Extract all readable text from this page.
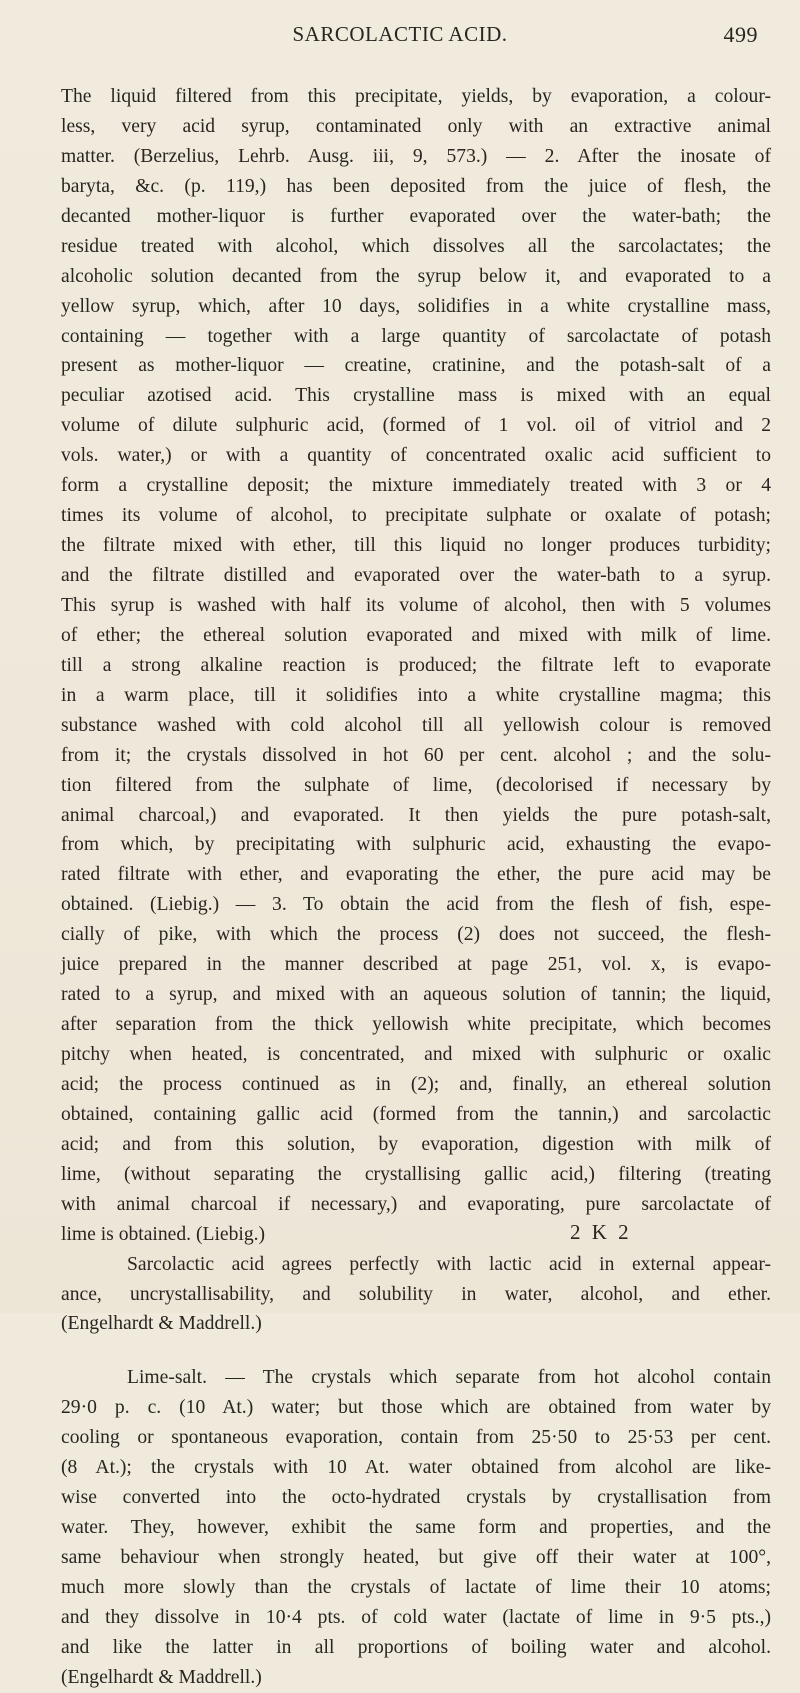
SARCOLACTIC ACID.	499
The liquid filtered from this precipitate, yields, by evaporation, a colour-
less, very acid syrup, contaminated only with an extractive animal
matter. (Berzelius, Lehrb. Ausg. iii, 9, 573.) — 2. After the inosate of
baryta, &c. (p. 119,) has been deposited from the juice of flesh, the
decanted mother-liquor is further evaporated over the water-bath; the
residue treated with alcohol, which dissolves all the sarcolactates; the
alcoholic solution decanted from the syrup below it, and evaporated to a
yellow syrup, which, after 10 days, solidifies in a white crystalline mass,
containing — together with a large quantity of sarcolactate of potash
present as mother-liquor — creatine, cratinine, and the potash-salt of a
peculiar azotised acid. This crystalline mass is mixed with an equal
volume of dilute sulphuric acid, (formed of 1 vol. oil of vitriol and 2
vols. water,) or with a quantity of concentrated oxalic acid sufficient to
form a crystalline deposit; the mixture immediately treated with 3 or 4
times its volume of alcohol, to precipitate sulphate or oxalate of potash;
the filtrate mixed with ether, till this liquid no longer produces turbidity;
and the filtrate distilled and evaporated over the water-bath to a syrup.
This syrup is washed with half its volume of alcohol, then with 5 volumes
of ether; the ethereal solution evaporated and mixed with milk of lime.
till a strong alkaline reaction is produced; the filtrate left to evaporate
in a warm place, till it solidifies into a white crystalline magma; this
substance washed with cold alcohol till all yellowish colour is removed
from it; the crystals dissolved in hot 60 per cent. alcohol ; and the solu-
tion filtered from the sulphate of lime, (decolorised if necessary by
animal charcoal,) and evaporated. It then yields the pure potash-salt,
from which, by precipitating with sulphuric acid, exhausting the evapo-
rated filtrate with ether, and evaporating the ether, the pure acid may be
obtained. (Liebig.) — 3. To obtain the acid from the flesh of fish, espe-
cially of pike, with which the process (2) does not succeed, the flesh-
juice prepared in the manner described at page 251, vol. x, is evapo-
rated to a syrup, and mixed with an aqueous solution of tannin; the liquid,
after separation from the thick yellowish white precipitate, which becomes
pitchy when heated, is concentrated, and mixed with sulphuric or oxalic
acid; the process continued as in (2); and, finally, an ethereal solution
obtained, containing gallic acid (formed from the tannin,) and sarcolactic
acid; and from this solution, by evaporation, digestion with milk of
lime, (without separating the crystallising gallic acid,) filtering (treating
with animal charcoal if necessary,) and evaporating, pure sarcolactate of
lime is obtained. (Liebig.)
Sarcolactic acid agrees perfectly with lactic acid in external appear-
ance, uncrystallisability, and solubility in water, alcohol, and ether.
(Engelhardt & Maddrell.)
Lime-salt. — The crystals which separate from hot alcohol contain
29·0 p. c. (10 At.) water; but those which are obtained from water by
cooling or spontaneous evaporation, contain from 25·50 to 25·53 per cent.
(8 At.); the crystals with 10 At. water obtained from alcohol are like-
wise converted into the octo-hydrated crystals by crystallisation from
water. They, however, exhibit the same form and properties, and the
same behaviour when strongly heated, but give off their water at 100°,
much more slowly than the crystals of lactate of lime their 10 atoms;
and they dissolve in 10·4 pts. of cold water (lactate of lime in 9·5 pts.,)
and like the latter in all proportions of boiling water and alcohol.
(Engelhardt & Maddrell.)
2 K 2
